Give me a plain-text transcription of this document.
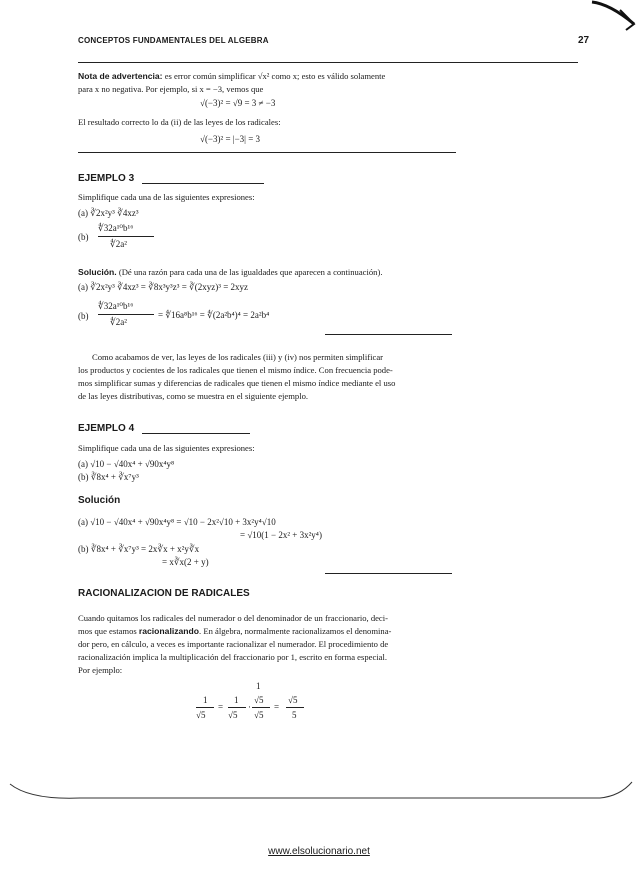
CONCEPTOS FUNDAMENTALES DEL ALGEBRA	27
Nota de advertencia: es error común simplificar √x² como x; esto es válido solamente
para x no negativa. Por ejemplo, si x = −3, vemos que
√(−3)² = √9 = 3 ≠ −3
El resultado correcto lo da (ii) de las leyes de los radicales:
√(−3)² = |−3| = 3
EJEMPLO 3
Simplifique cada una de las siguientes expresiones:
(a) ∛2x²y³ ∛4xz³
(b)
∜32a¹⁰b¹⁶
∜2a²
Solución. (Dé una razón para cada una de las igualdades que aparecen a continuación).
(a) ∛2x²y³ ∛4xz³ = ∛8x³y³z³ = ∛(2xyz)³ = 2xyz
(b)
∜32a¹⁰b¹⁶
∜2a²
= ∜16a⁸b¹⁶ = ∜(2a²b⁴)⁴ = 2a²b⁴
Como acabamos de ver, las leyes de los radicales (iii) y (iv) nos permiten simplificar
los productos y cocientes de los radicales que tienen el mismo índice. Con frecuencia pode-
mos simplificar sumas y diferencias de radicales que tienen el mismo índice mediante el uso
de las leyes distributivas, como se muestra en el siguiente ejemplo.
EJEMPLO 4
Simplifique cada una de las siguientes expresiones:
(a) √10 − √40x⁴ + √90x⁴y⁸
(b) ∛8x⁴ + ∛x⁷y³
Solución
(a) √10 − √40x⁴ + √90x⁴y⁸ = √10 − 2x²√10 + 3x²y⁴√10
= √10(1 − 2x² + 3x²y⁴)
(b) ∛8x⁴ + ∛x⁷y³ = 2x∛x + x²y∛x
= x∛x(2 + y)
RACIONALIZACION DE RADICALES
Cuando quitamos los radicales del numerador o del denominador de un fraccionario, deci-
mos que estamos racionalizando. En álgebra, normalmente racionalizamos el denomina-
dor pero, en cálculo, a veces es importante racionalizar el numerador. El procedimiento de
racionalización implica la multiplicación del fraccionario por 1, escrito en forma especial.
Por ejemplo:
1
1
√5
=
1
√5
·
√5
√5
=
√5
5
www.elsolucionario.net
